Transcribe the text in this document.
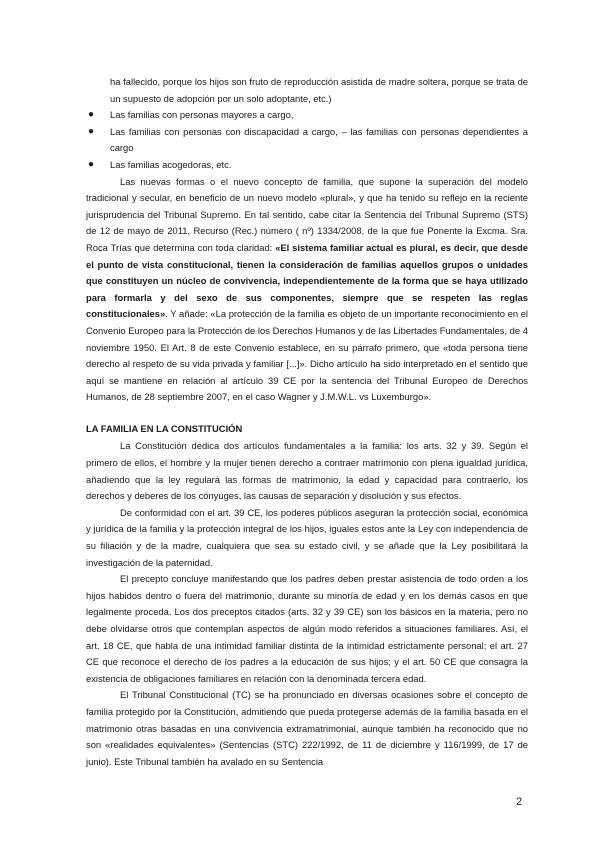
ha fallecido, porque los hijos son fruto de reproducción asistida de madre soltera, porque se trata de un supuesto de adopción por un solo adoptante, etc.)

● Las familias con personas mayores a cargo,
● Las familias con personas con discapacidad a cargo, – las familias con personas dependientes a cargo
● Las familias acogedoras, etc.

Las nuevas formas o el nuevo concepto de familia, que supone la superación del modelo tradicional y secular, en beneficio de un nuevo modelo «plural», y que ha tenido su reflejo en la reciente jurisprudencia del Tribunal Supremo. En tal sentido, cabe citar la Sentencia del Tribunal Supremo (STS) de 12 de mayo de 2011, Recurso (Rec.) número ( nº) 1334/2008, de la que fue Ponente la Excma. Sra. Roca Trías que determina con toda claridad: «El sistema familiar actual es plural, es decir, que desde el punto de vista constitucional, tienen la consideración de familias aquellos grupos o unidades que constituyen un núcleo de convivencia, independientemente de la forma que se haya utilizado para formarla y del sexo de sus componentes, siempre que se respeten las reglas constitucionales». Y añade: «La protección de la familia es objeto de un importante reconocimiento en el Convenio Europeo para la Protección de los Derechos Humanos y de las Libertades Fundamentales, de 4 noviembre 1950. El Art. 8 de este Convenio establece, en su párrafo primero, que «toda persona tiene derecho al respeto de su vida privada y familiar [...]». Dicho artículo ha sido interpretado en el sentido que aquí se mantiene en relación al artículo 39 CE por la sentencia del Tribunal Europeo de Derechos Humanos, de 28 septiembre 2007, en el caso Wagner y J.M.W.L. vs Luxemburgo».

LA FAMILIA EN LA CONSTITUCIÓN

La Constitución dedica dos artículos fundamentales a la familia: los arts. 32 y 39. Según el primero de ellos, el hombre y la mujer tienen derecho a contraer matrimonio con plena igualdad jurídica, añadiendo que la ley regulará las formas de matrimonio, la edad y capacidad para contraerlo, los derechos y deberes de los cónyuges, las causas de separación y disolución y sus efectos.

De conformidad con el art. 39 CE, los poderes públicos aseguran la protección social, económica y jurídica de la familia y la protección integral de los hijos, iguales estos ante la Ley con independencia de su filiación y de la madre, cualquiera que sea su estado civil, y se añade que la Ley posibilitará la investigación de la paternidad.

El precepto concluye manifestando que los padres deben prestar asistencia de todo orden a los hijos habidos dentro o fuera del matrimonio, durante su minoría de edad y en los demás casos en que legalmente proceda. Los dos preceptos citados (arts. 32 y 39 CE) son los básicos en la materia, pero no debe olvidarse otros que contemplan aspectos de algún modo referidos a situaciones familiares. Así, el art. 18 CE, que habla de una intimidad familiar distinta de la intimidad estrictamente personal; el art. 27 CE que reconoce el derecho de los padres a la educación de sus hijos; y el art. 50 CE que consagra la existencia de obligaciones familiares en relación con la denominada tercera edad.

El Tribunal Constitucional (TC) se ha pronunciado en diversas ocasiones sobre el concepto de familia protegido por la Constitución, admitiendo que pueda protegerse además de la familia basada en el matrimonio otras basadas en una convivencia extramatrimonial, aunque también ha reconocido que no son «realidades equivalentes» (Sentencias (STC) 222/1992, de 11 de diciembre y 116/1999, de 17 de junio). Este Tribunal también ha avalado en su Sentencia

2
